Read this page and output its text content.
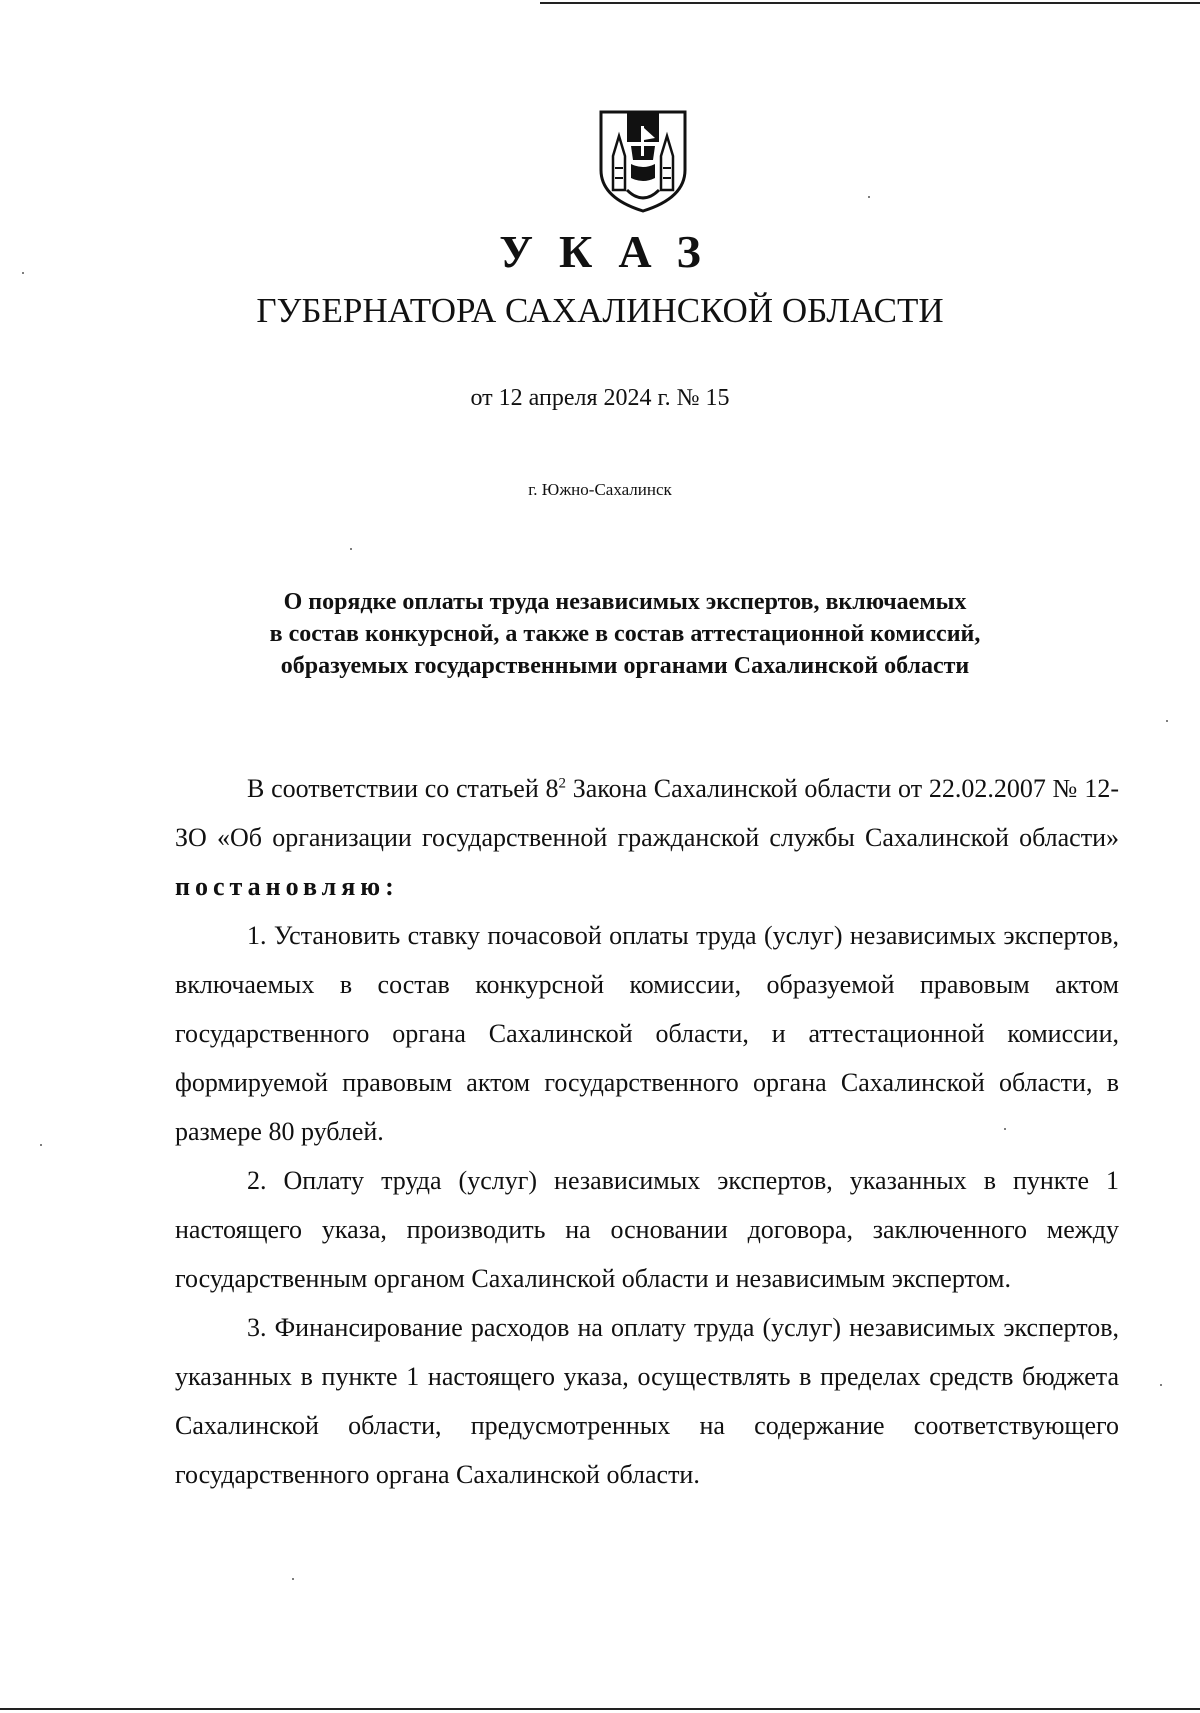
УКАЗ
ГУБЕРНАТОРА САХАЛИНСКОЙ ОБЛАСТИ
от 12 апреля 2024 г. № 15
г. Южно-Сахалинск
О порядке оплаты труда независимых экспертов, включаемых
в состав конкурсной, а также в состав аттестационной комиссий,
образуемых государственными органами Сахалинской области

В соответствии со статьей $8^2$ Закона Сахалинской области от 22.02.2007 № 12-ЗО «Об организации государственной гражданской службы Сахалинской области» постановляю:

1. Установить ставку почасовой оплаты труда (услуг) независимых экспертов, включаемых в состав конкурсной комиссии, образуемой правовым актом государственного органа Сахалинской области, и аттестационной комиссии, формируемой правовым актом государственного органа Сахалинской области, в размере 80 рублей.

2. Оплату труда (услуг) независимых экспертов, указанных в пункте 1 настоящего указа, производить на основании договора, заключенного между государственным органом Сахалинской области и независимым экспертом.

3. Финансирование расходов на оплату труда (услуг) независимых экспертов, указанных в пункте 1 настоящего указа, осуществлять в пределах средств бюджета Сахалинской области, предусмотренных на содержание соответствующего государственного органа Сахалинской области.
